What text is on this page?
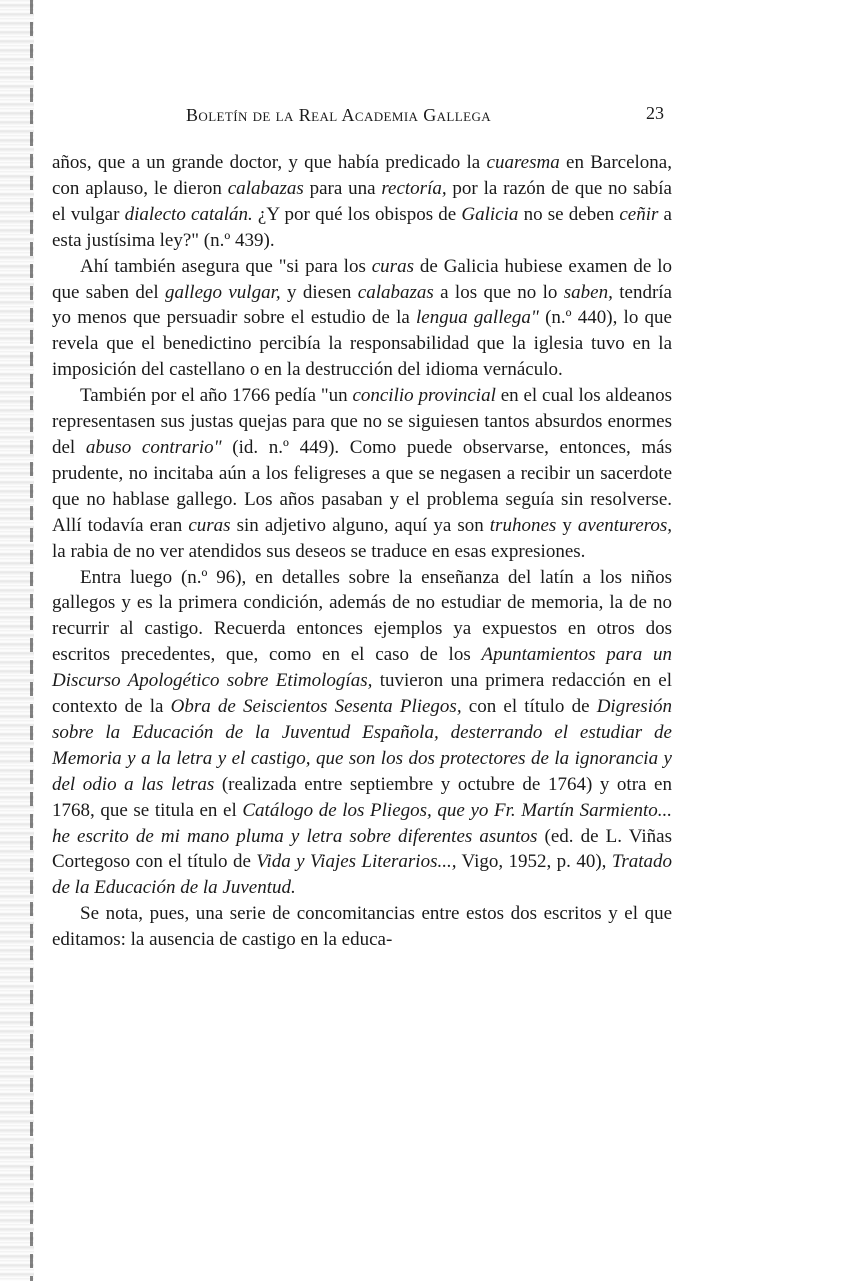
Boletín de la Real Academia Gallega	23

años, que a un grande doctor, y que había predicado la cuaresma en Barcelona, con aplauso, le dieron calabazas para una rectoría, por la razón de que no sabía el vulgar dialecto catalán. ¿Y por qué los obispos de Galicia no se deben ceñir a esta justísima ley?" (n.º 439).

Ahí también asegura que "si para los curas de Galicia hubiese examen de lo que saben del gallego vulgar, y diesen calabazas a los que no lo saben, tendría yo menos que persuadir sobre el estudio de la lengua gallega" (n.º 440), lo que revela que el benedictino percibía la responsabilidad que la iglesia tuvo en la imposición del castellano o en la destrucción del idioma vernáculo.

También por el año 1766 pedía "un concilio provincial en el cual los aldeanos representasen sus justas quejas para que no se siguiesen tantos absurdos enormes del abuso contrario" (id. n.º 449). Como puede observarse, entonces, más prudente, no incitaba aún a los feligreses a que se negasen a recibir un sacerdote que no hablase gallego. Los años pasaban y el problema seguía sin resolverse. Allí todavía eran curas sin adjetivo alguno, aquí ya son truhones y aventureros, la rabia de no ver atendidos sus deseos se traduce en esas expresiones.

Entra luego (n.º 96), en detalles sobre la enseñanza del latín a los niños gallegos y es la primera condición, además de no estudiar de memoria, la de no recurrir al castigo. Recuerda entonces ejemplos ya expuestos en otros dos escritos precedentes, que, como en el caso de los Apuntamientos para un Discurso Apologético sobre Etimologías, tuvieron una primera redacción en el contexto de la Obra de Seiscientos Sesenta Pliegos, con el título de Digresión sobre la Educación de la Juventud Española, desterrando el estudiar de Memoria y a la letra y el castigo, que son los dos protectores de la ignorancia y del odio a las letras (realizada entre septiembre y octubre de 1764) y otra en 1768, que se titula en el Catálogo de los Pliegos, que yo Fr. Martín Sarmiento... he escrito de mi mano pluma y letra sobre diferentes asuntos (ed. de L. Viñas Cortegoso con el título de Vida y Viajes Literarios..., Vigo, 1952, p. 40), Tratado de la Educación de la Juventud.

Se nota, pues, una serie de concomitancias entre estos dos escritos y el que editamos: la ausencia de castigo en la educa-
